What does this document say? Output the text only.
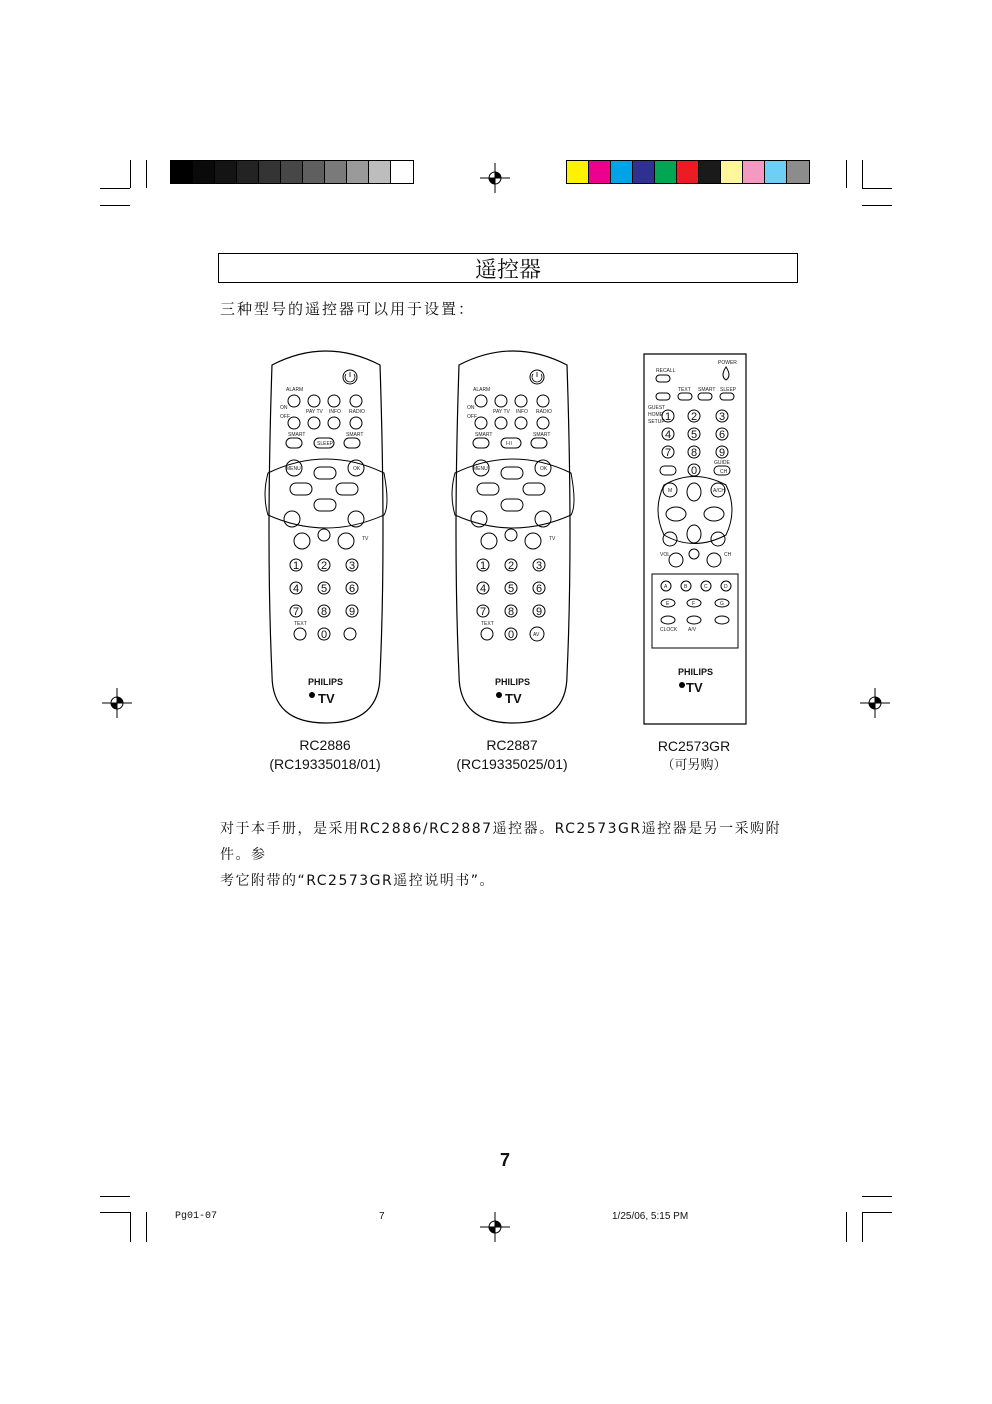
遥控器
三种型号的遥控器可以用于设置：
ALARM
ON
OFF
PAY TV INFO RADIO
SMART	SMART
SLEEP
MENU	OK
TV
1 2 3
4 5 6
7 8 9
0
TEXT
PHILIPS
TV
ALARM
ON
OFF
PAY TV INFO RADIO
SMART	SMART
I-II
MENU	OK
TV
1 2 3
4 5 6
7 8 9
0	AV
TEXT
PHILIPS
TV
POWER
RECALL
TEXT SMART SLEEP
GUEST
HOME
SETUP 1 2 3
4 5 6
7 8 9
0
GUIDE
CH
M	A/CH
VOL	CH
A	B	C	D
E	F	G
CLOCK A/V
PHILIPS
TV
RC2886
(RC19335018/01)
RC2887
(RC19335025/01)
RC2573GR
（可另购）
对于本手册，是采用RC2886/RC2887遥控器。RC2573GR遥控器是另一采购附件。参
考它附带的“RC2573GR遥控说明书”。
7
Pg01-07	7	1/25/06, 5:15 PM
